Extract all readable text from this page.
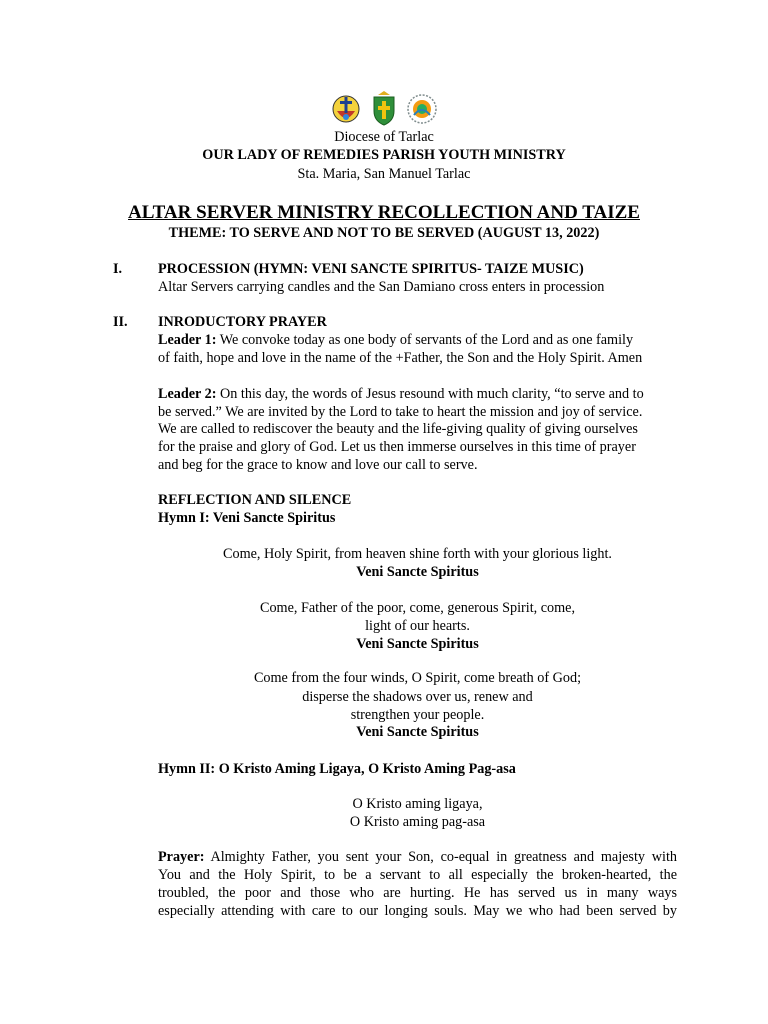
Diocese of Tarlac
OUR LADY OF REMEDIES PARISH YOUTH MINISTRY
Sta. Maria, San Manuel Tarlac
ALTAR SERVER MINISTRY RECOLLECTION AND TAIZE
THEME: TO SERVE AND NOT TO BE SERVED (AUGUST 13, 2022)
I.	PROCESSION (HYMN: VENI SANCTE SPIRITUS- TAIZE MUSIC)
Altar Servers carrying candles and the San Damiano cross enters in procession
II. INRODUCTORY PRAYER
Leader 1: We convoke today as one body of servants of the Lord and as one family
of faith, hope and love in the name of the +Father, the Son and the Holy Spirit. Amen
Leader 2: On this day, the words of Jesus resound with much clarity, “to serve and to
be served.” We are invited by the Lord to take to heart the mission and joy of service.
We are called to rediscover the beauty and the life-giving quality of giving ourselves
for the praise and glory of God. Let us then immerse ourselves in this time of prayer
and beg for the grace to know and love our call to serve.
REFLECTION AND SILENCE
Hymn I: Veni Sancte Spiritus
Come, Holy Spirit, from heaven shine forth with your glorious light.
Veni Sancte Spiritus
Come, Father of the poor, come, generous Spirit, come,
light of our hearts.
Veni Sancte Spiritus
Come from the four winds, O Spirit, come breath of God;
disperse the shadows over us, renew and
strengthen your people.
Veni Sancte Spiritus
Hymn II: O Kristo Aming Ligaya, O Kristo Aming Pag-asa
O Kristo aming ligaya,
O Kristo aming pag-asa
Prayer: Almighty Father, you sent your Son, co-equal in greatness and majesty with
You and the Holy Spirit, to be a servant to all especially the broken-hearted, the
troubled, the poor and those who are hurting. He has served us in many ways
especially attending with care to our longing souls. May we who had been served by
